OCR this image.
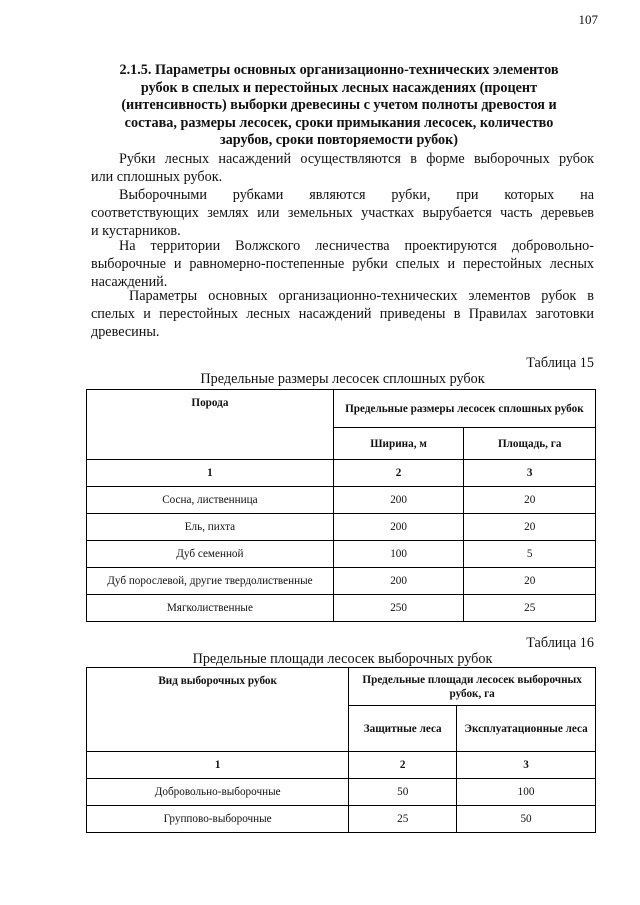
107
2.1.5. Параметры основных организационно-технических элементов
рубок в спелых и перестойных лесных насаждениях (процент
(интенсивность) выборки древесины с учетом полноты древостоя и
состава, размеры лесосек, сроки примыкания лесосек, количество
зарубов, сроки повторяемости рубок)
Рубки лесных насаждений осуществляются в форме выборочных рубок
или сплошных рубок.
Выборочными рубками являются рубки, при которых на
соответствующих землях или земельных участках вырубается часть деревьев
и кустарников.
На территории Волжского лесничества проектируются добровольно-
выборочные и равномерно-постепенные рубки спелых и перестойных лесных
насаждений.
Параметры основных организационно-технических элементов рубок в
спелых и перестойных лесных насаждений приведены в Правилах заготовки
древесины.
Таблица 15
Предельные размеры лесосек сплошных рубок
Порода	Предельные размеры лесосек сплошных рубок	
	Ширина, м	Площадь, га
1	2	3
Сосна, лиственница	200	20
Ель, пихта	200	20
Дуб семенной	100	5
Дуб порослевой, другие твердолиственные	200	20
Мягколиственные	250	25
Таблица 16
Предельные площади лесосек выборочных рубок
Вид выборочных рубок	Предельные площади лесосек выборочных рубок, га	
	Защитные леса	Эксплуатационные леса
1	2	3
Добровольно-выборочные	50	100
Группово-выборочные	25	50
